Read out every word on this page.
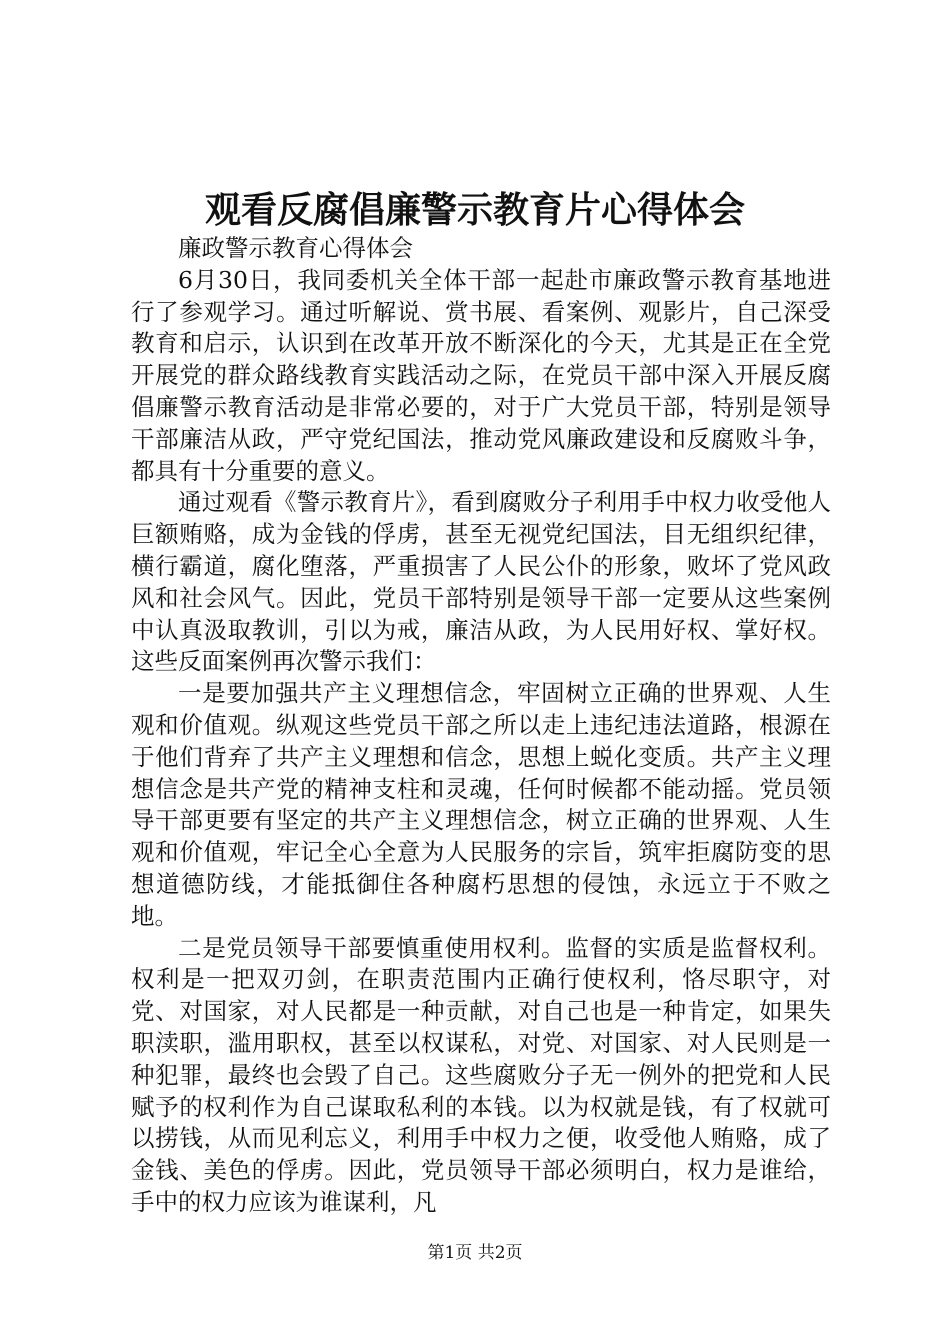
观看反腐倡廉警示教育片心得体会

廉政警示教育心得体会

6月30日，我同委机关全体干部一起赴市廉政警示教育基地进行了参观学习。通过听解说、赏书展、看案例、观影片，自己深受教育和启示，认识到在改革开放不断深化的今天，尤其是正在全党开展党的群众路线教育实践活动之际，在党员干部中深入开展反腐倡廉警示教育活动是非常必要的，对于广大党员干部，特别是领导干部廉洁从政，严守党纪国法，推动党风廉政建设和反腐败斗争，都具有十分重要的意义。

通过观看《警示教育片》，看到腐败分子利用手中权力收受他人巨额贿赂，成为金钱的俘虏，甚至无视党纪国法，目无组织纪律，横行霸道，腐化堕落，严重损害了人民公仆的形象，败坏了党风政风和社会风气。因此，党员干部特别是领导干部一定要从这些案例中认真汲取教训，引以为戒，廉洁从政，为人民用好权、掌好权。这些反面案例再次警示我们：

一是要加强共产主义理想信念，牢固树立正确的世界观、人生观和价值观。纵观这些党员干部之所以走上违纪违法道路，根源在于他们背弃了共产主义理想和信念，思想上蜕化变质。共产主义理想信念是共产党的精神支柱和灵魂，任何时候都不能动摇。党员领导干部更要有坚定的共产主义理想信念，树立正确的世界观、人生观和价值观，牢记全心全意为人民服务的宗旨，筑牢拒腐防变的思想道德防线，才能抵御住各种腐朽思想的侵蚀，永远立于不败之地。

二是党员领导干部要慎重使用权利。监督的实质是监督权利。权利是一把双刃剑，在职责范围内正确行使权利，恪尽职守，对党、对国家，对人民都是一种贡献，对自己也是一种肯定，如果失职渎职，滥用职权，甚至以权谋私，对党、对国家、对人民则是一种犯罪，最终也会毁了自己。这些腐败分子无一例外的把党和人民赋予的权利作为自己谋取私利的本钱。以为权就是钱，有了权就可以捞钱，从而见利忘义，利用手中权力之便，收受他人贿赂，成了金钱、美色的俘虏。因此，党员领导干部必须明白，权力是谁给，手中的权力应该为谁谋利，凡

第1页 共2页
